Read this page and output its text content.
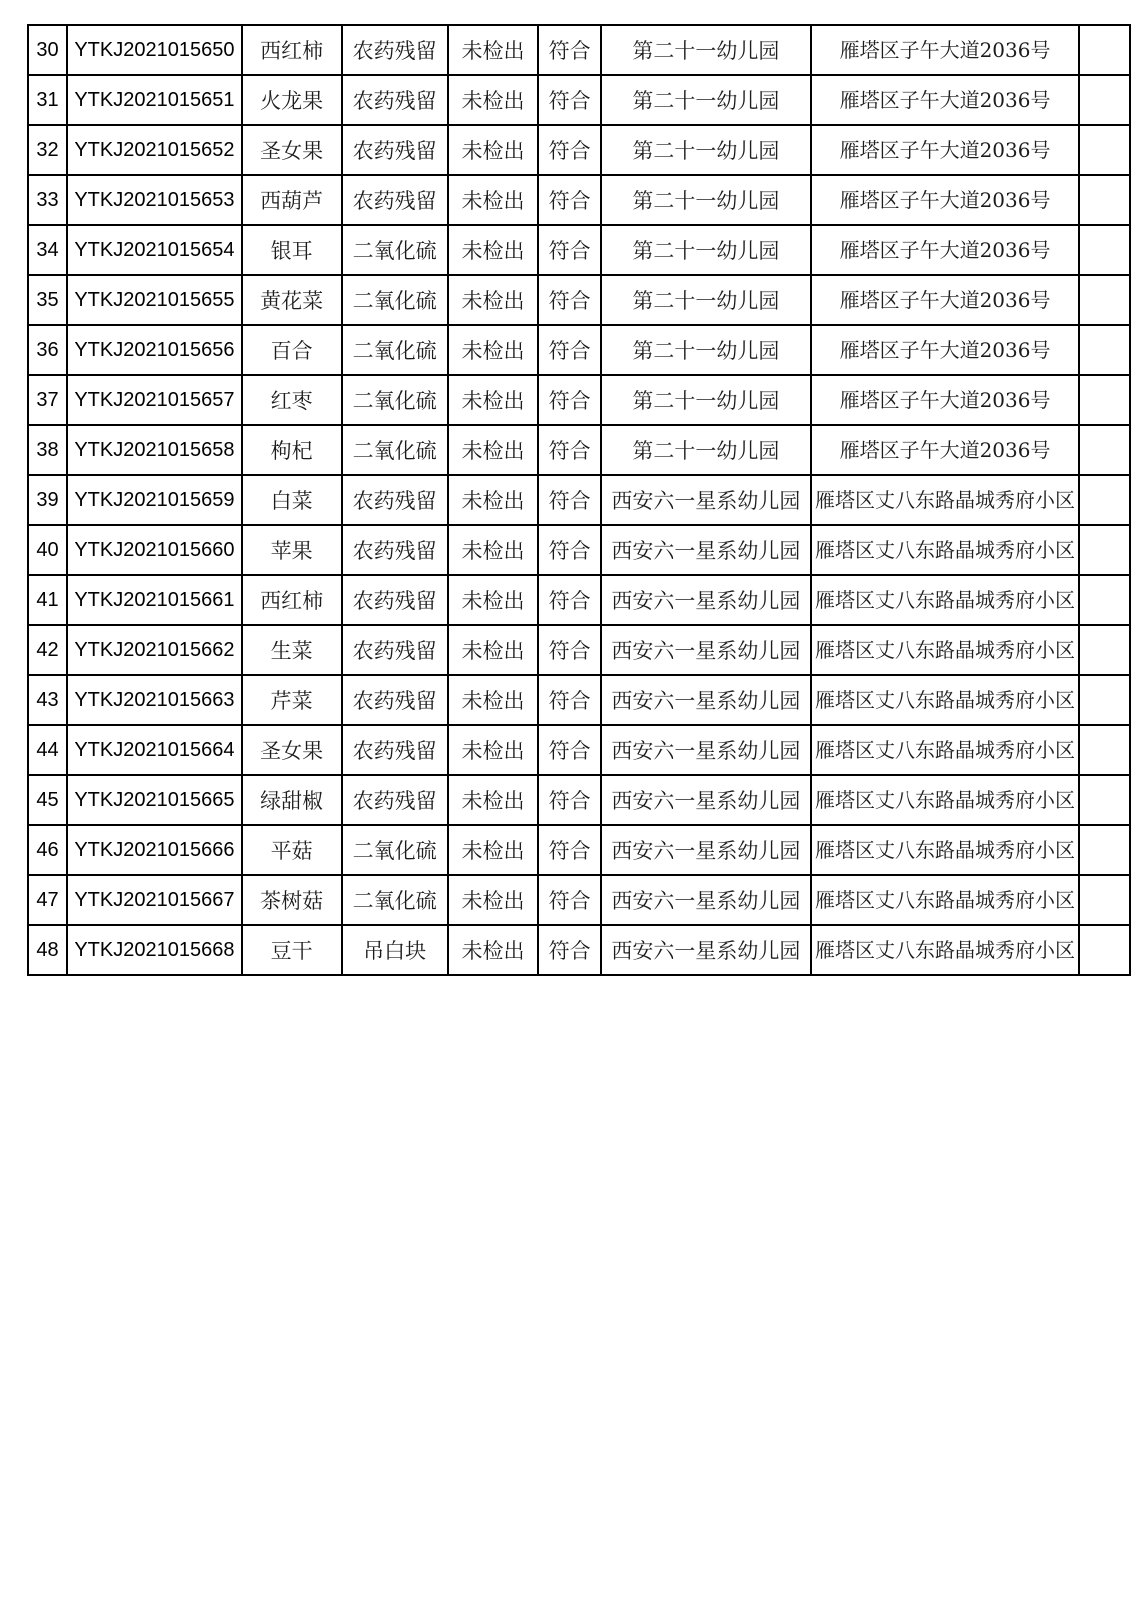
30	YTKJ2021015650	西红柿	农药残留	未检出	符合	第二十一幼儿园	雁塔区子午大道2036号	
31	YTKJ2021015651	火龙果	农药残留	未检出	符合	第二十一幼儿园	雁塔区子午大道2036号	
32	YTKJ2021015652	圣女果	农药残留	未检出	符合	第二十一幼儿园	雁塔区子午大道2036号	
33	YTKJ2021015653	西葫芦	农药残留	未检出	符合	第二十一幼儿园	雁塔区子午大道2036号	
34	YTKJ2021015654	银耳	二氧化硫	未检出	符合	第二十一幼儿园	雁塔区子午大道2036号	
35	YTKJ2021015655	黄花菜	二氧化硫	未检出	符合	第二十一幼儿园	雁塔区子午大道2036号	
36	YTKJ2021015656	百合	二氧化硫	未检出	符合	第二十一幼儿园	雁塔区子午大道2036号	
37	YTKJ2021015657	红枣	二氧化硫	未检出	符合	第二十一幼儿园	雁塔区子午大道2036号	
38	YTKJ2021015658	枸杞	二氧化硫	未检出	符合	第二十一幼儿园	雁塔区子午大道2036号	
39	YTKJ2021015659	白菜	农药残留	未检出	符合	西安六一星系幼儿园	雁塔区丈八东路晶城秀府小区	
40	YTKJ2021015660	苹果	农药残留	未检出	符合	西安六一星系幼儿园	雁塔区丈八东路晶城秀府小区	
41	YTKJ2021015661	西红柿	农药残留	未检出	符合	西安六一星系幼儿园	雁塔区丈八东路晶城秀府小区	
42	YTKJ2021015662	生菜	农药残留	未检出	符合	西安六一星系幼儿园	雁塔区丈八东路晶城秀府小区	
43	YTKJ2021015663	芹菜	农药残留	未检出	符合	西安六一星系幼儿园	雁塔区丈八东路晶城秀府小区	
44	YTKJ2021015664	圣女果	农药残留	未检出	符合	西安六一星系幼儿园	雁塔区丈八东路晶城秀府小区	
45	YTKJ2021015665	绿甜椒	农药残留	未检出	符合	西安六一星系幼儿园	雁塔区丈八东路晶城秀府小区	
46	YTKJ2021015666	平菇	二氧化硫	未检出	符合	西安六一星系幼儿园	雁塔区丈八东路晶城秀府小区	
47	YTKJ2021015667	茶树菇	二氧化硫	未检出	符合	西安六一星系幼儿园	雁塔区丈八东路晶城秀府小区	
48	YTKJ2021015668	豆干	吊白块	未检出	符合	西安六一星系幼儿园	雁塔区丈八东路晶城秀府小区	
